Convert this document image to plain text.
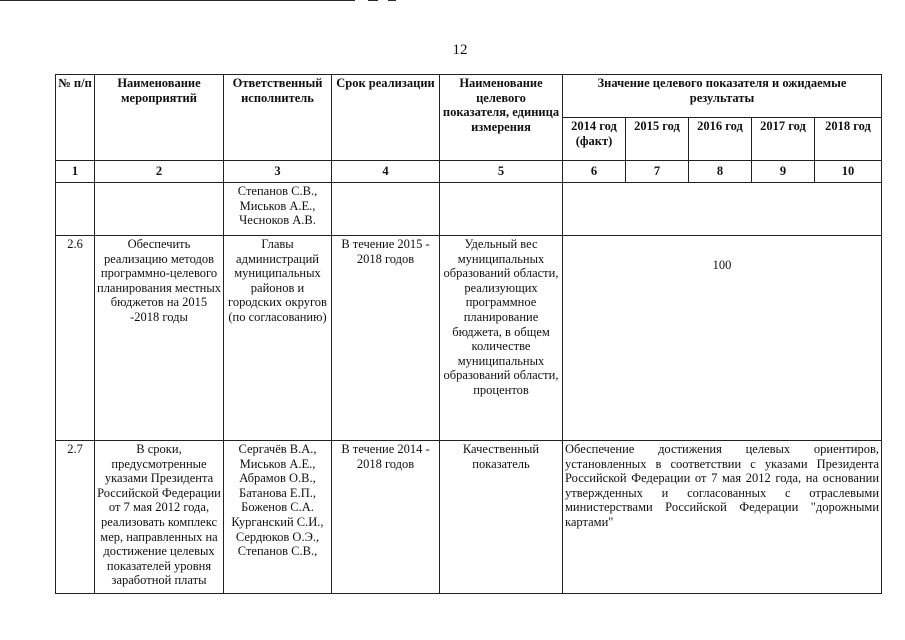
12
№ п/п	Наименование мероприятий	Ответственный исполнитель	Срок реализации	Наименование целевого показателя, единица измерения	Значение целевого показателя и ожидаемые результаты				
					2014 год (факт)	2015 год	2016 год	2017 год	2018 год
1	2	3	4	5	6	7	8	9	10
		Степанов С.В., Миськов А.Е., Чесноков А.В.							
2.6	Обеспечить реализацию методов программно-целевого планирования местных бюджетов на 2015 -2018 годы	Главы администраций муниципальных районов и городских округов (по согласованию)	В течение 2015 - 2018 годов	Удельный вес муниципальных образований области, реализующих программное планирование бюджета, в общем количестве муниципальных образований области, процентов	100				
2.7	В сроки, предусмотренные указами Президента Российской Федерации от 7 мая 2012 года, реализовать комплекс мер, направленных на достижение целевых показателей уровня заработной платы	Сергачёв В.А., Миськов А.Е., Абрамов О.В., Батанова Е.П., Боженов С.А. Курганский С.И., Сердюков О.Э., Степанов С.В.,	В течение 2014 - 2018 годов	Качественный показатель	Обеспечение достижения целевых ориентиров, установленных в соответствии с указами Президента Российской Федерации от 7 мая 2012 года, на основании утвержденных и согласованных с отраслевыми министерствами Российской Федерации "дорожными картами"				
